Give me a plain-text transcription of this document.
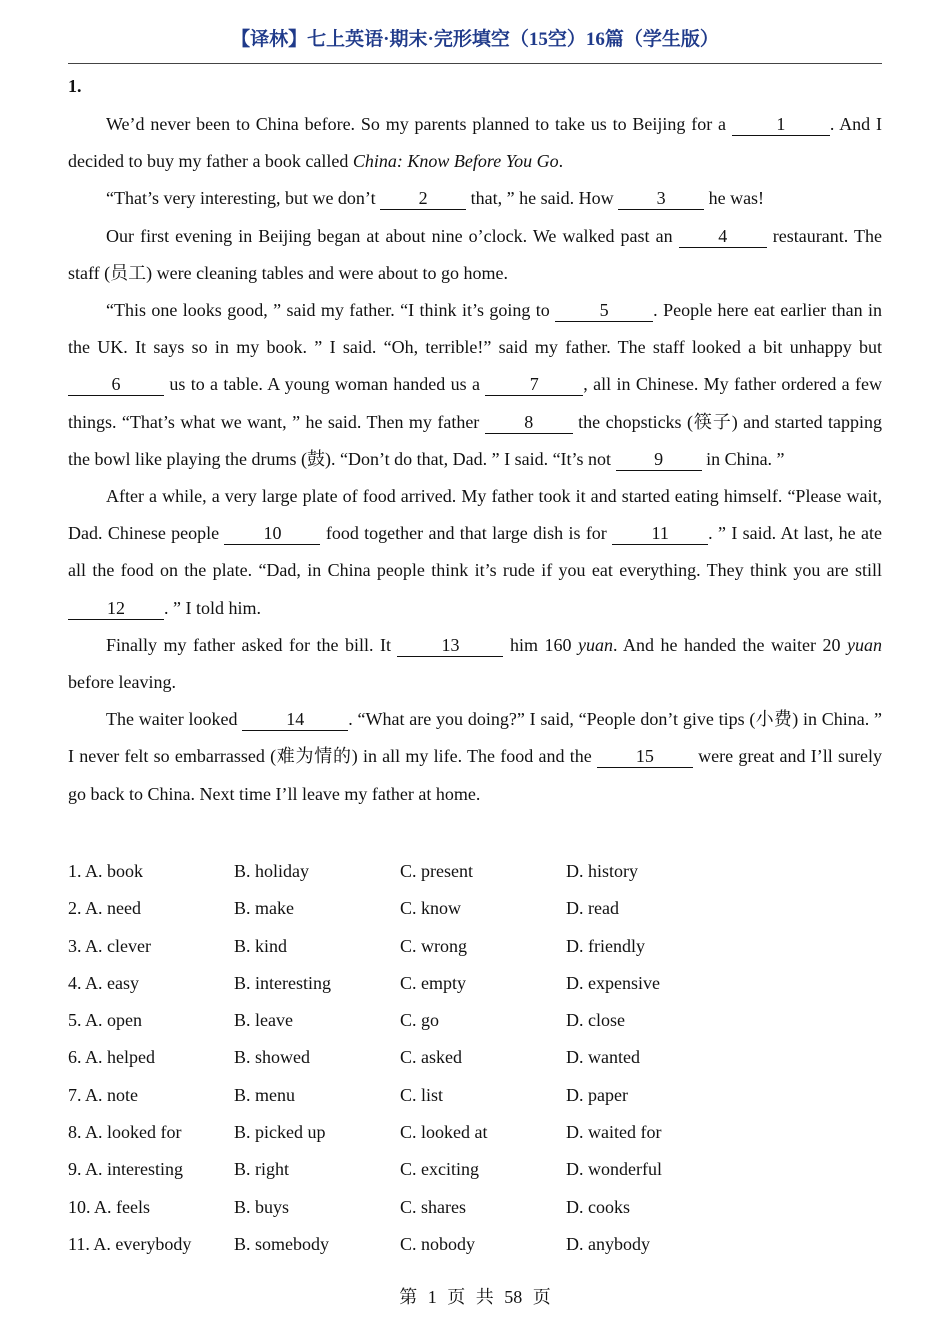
【译林】七上英语·期末·完形填空（15空）16篇（学生版）
1.

We’d never been to China before. So my parents planned to take us to Beijing for a 1 . And I decided to buy my father a book called China: Know Before You Go.

“That’s very interesting, but we don’t 2 that, ” he said. How 3 he was!

Our first evening in Beijing began at about nine o’clock. We walked past an 4 restaurant. The staff (员工) were cleaning tables and were about to go home.

“This one looks good, ” said my father. “I think it’s going to 5 . People here eat earlier than in the UK. It says so in my book. ” I said. “Oh, terrible!” said my father. The staff looked a bit unhappy but 6 us to a table. A young woman handed us a 7 , all in Chinese. My father ordered a few things. “That’s what we want, ” he said. Then my father 8 the chopsticks (筷子) and started tapping the bowl like playing the drums (鼓). “Don’t do that, Dad. ” I said. “It’s not 9 in China. ”

After a while, a very large plate of food arrived. My father took it and started eating himself. “Please wait, Dad. Chinese people 10 food together and that large dish is for 11 . ” I said. At last, he ate all the food on the plate. “Dad, in China people think it’s rude if you eat everything. They think you are still 12 . ” I told him.

Finally my father asked for the bill. It 13 him 160 yuan. And he handed the waiter 20 yuan before leaving.

The waiter looked 14 . “What are you doing?” I said, “People don’t give tips (小费) in China. ” I never felt so embarrassed (难为情的) in all my life. The food and the 15 were great and I’ll surely go back to China. Next time I’ll leave my father at home.

1. A. book	B. holiday	C. present	D. history
2. A. need	B. make	C. know	D. read
3. A. clever	B. kind	C. wrong	D. friendly
4. A. easy	B. interesting	C. empty	D. expensive
5. A. open	B. leave	C. go	D. close
6. A. helped	B. showed	C. asked	D. wanted
7. A. note	B. menu	C. list	D. paper
8. A. looked for	B. picked up	C. looked at	D. waited for
9. A. interesting	B. right	C. exciting	D. wonderful
10. A. feels	B. buys	C. shares	D. cooks
11. A. everybody B. somebody	C. nobody	D. anybody
第 1 页 共 58 页
